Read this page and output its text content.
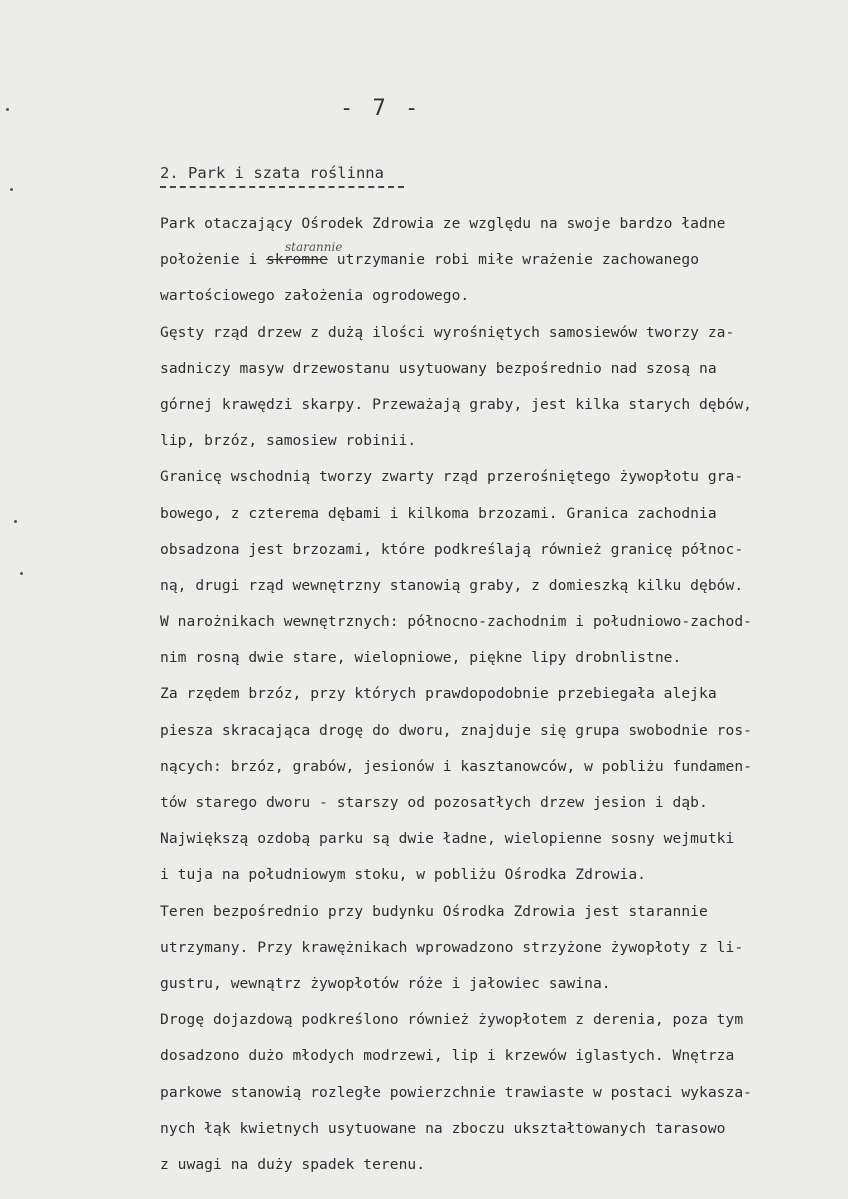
- 7 -
2. Park i szata roślinna
starannie
Park otaczający Ośrodek Zdrowia ze względu na swoje bardzo ładne
położenie i skromne utrzymanie robi miłe wrażenie zachowanego
wartościowego założenia ogrodowego.
Gęsty rząd drzew z dużą ilości wyrośniętych samosiewów tworzy za-
sadniczy masyw drzewostanu usytuowany bezpośrednio nad szosą na
górnej krawędzi skarpy. Przeważają graby, jest kilka starych dębów,
lip, brzóz, samosiew robinii.
Granicę wschodnią tworzy zwarty rząd przerośniętego żywopłotu gra-
bowego, z czterema dębami i kilkoma brzozami. Granica zachodnia
obsadzona jest brzozami, które podkreślają również granicę północ-
ną, drugi rząd wewnętrzny stanowią graby, z domieszką kilku dębów.
W narożnikach wewnętrznych: północno-zachodnim i południowo-zachod-
nim rosną dwie stare, wielopniowe, piękne lipy drobnlistne.
Za rzędem brzóz, przy których prawdopodobnie przebiegała alejka
piesza skracająca drogę do dworu, znajduje się grupa swobodnie ros-
nących: brzóz, grabów, jesionów i kasztanowców, w pobliżu fundamen-
tów starego dworu - starszy od pozosatłych drzew jesion i dąb.
Największą ozdobą parku są dwie ładne, wielopienne sosny wejmutki
i tuja na południowym stoku, w pobliżu Ośrodka Zdrowia.
Teren bezpośrednio przy budynku Ośrodka Zdrowia jest starannie
utrzymany. Przy krawężnikach wprowadzono strzyżone żywopłoty z li-
gustru, wewnątrz żywopłotów róże i jałowiec sawina.
Drogę dojazdową podkreślono również żywopłotem z derenia, poza tym
dosadzono dużo młodych modrzewi, lip i krzewów iglastych. Wnętrza
parkowe stanowią rozległe powierzchnie trawiaste w postaci wykasza-
nych łąk kwietnych usytuowane na zboczu ukształtowanych tarasowo
z uwagi na duży spadek terenu.
